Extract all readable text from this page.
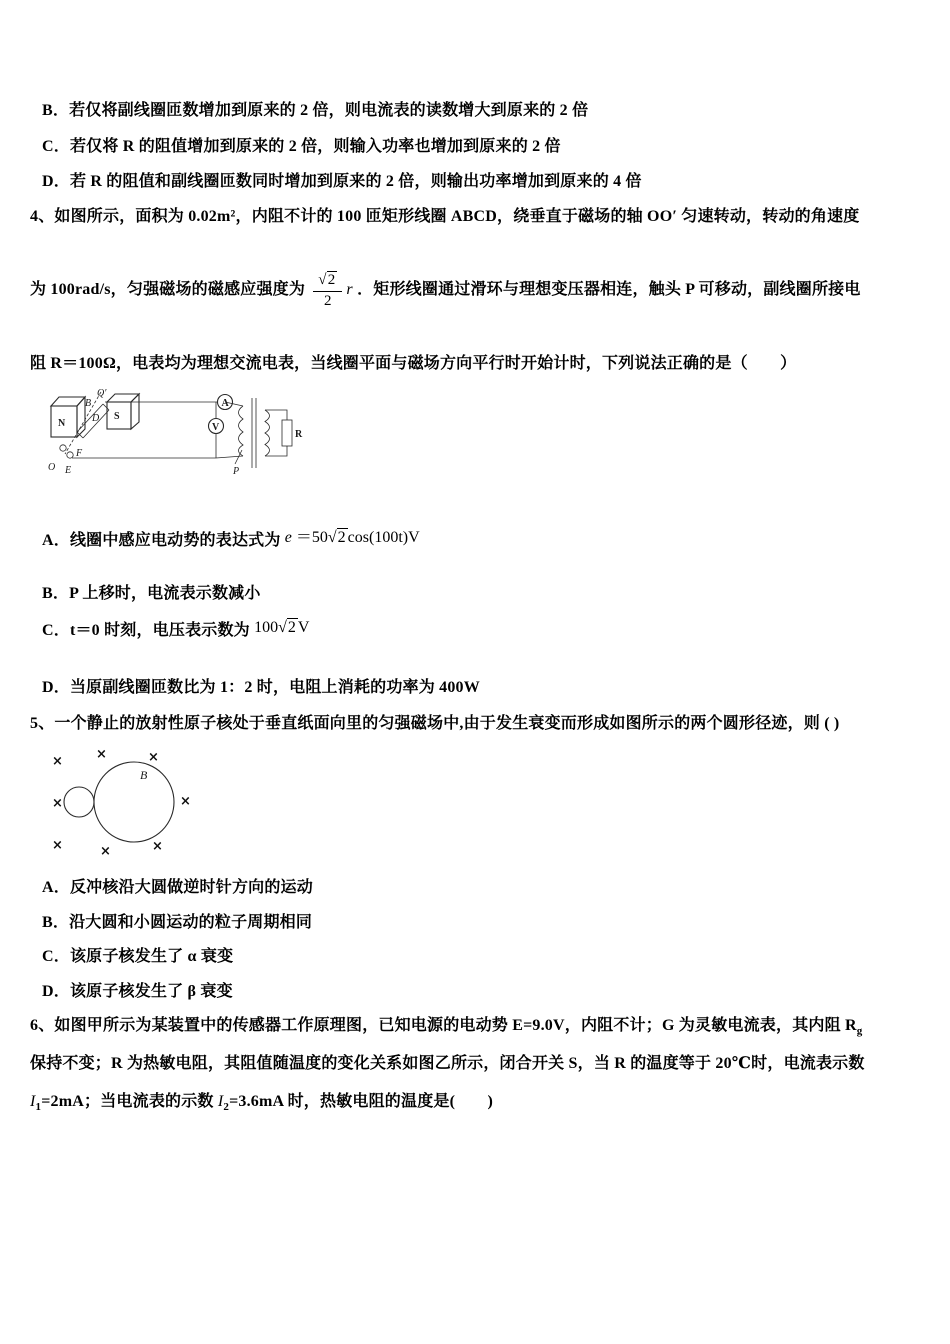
B．若仅将副线圈匝数增加到原来的 2 倍，则电流表的读数增大到原来的 2 倍
C．若仅将 R 的阻值增加到原来的 2 倍，则输入功率也增加到原来的 2 倍
D．若 R 的阻值和副线圈匝数同时增加到原来的 2 倍，则输出功率增加到原来的 4 倍
4、如图所示，面积为 0.02m²，内阻不计的 100 匝矩形线圈 ABCD，绕垂直于磁场的轴 OO′ 匀速转动，转动的角速度
为 100rad/s，匀强磁场的磁感应强度为 $\frac{√2}{2}$ r ．矩形线圈通过滑环与理想变压器相连，触头 P 可移动，副线圈所接电
阻 R＝100Ω，电表均为理想交流电表，当线圈平面与磁场方向平行时开始计时，下列说法正确的是（　　）
N
S
Q′
B
D
O E
F
A
V
P
R
A．线圈中感应电动势的表达式为 e ＝50√2 cos(100t)V
B．P 上移时，电流表示数减小
C．t＝0 时刻，电压表示数为 100√2 V
D．当原副线圈匝数比为 1：2 时，电阻上消耗的功率为 400W
5、一个静止的放射性原子核处于垂直纸面向里的匀强磁场中,由于发生衰变而形成如图所示的两个圆形径迹，则 ( )
×	×	×
×	×
×	×	×
B
A．反冲核沿大圆做逆时针方向的运动
B．沿大圆和小圆运动的粒子周期相同
C．该原子核发生了 α 衰变
D．该原子核发生了 β 衰变
6、如图甲所示为某装置中的传感器工作原理图，已知电源的电动势 E=9.0V，内阻不计；G 为灵敏电流表，其内阻 $R_g$
保持不变；R 为热敏电阻，其阻值随温度的变化关系如图乙所示，闭合开关 S，当 R 的温度等于 20℃时，电流表示数
$I_1=2mA$；当电流表的示数 $I_2=3.6mA$ 时，热敏电阻的温度是(　　)
